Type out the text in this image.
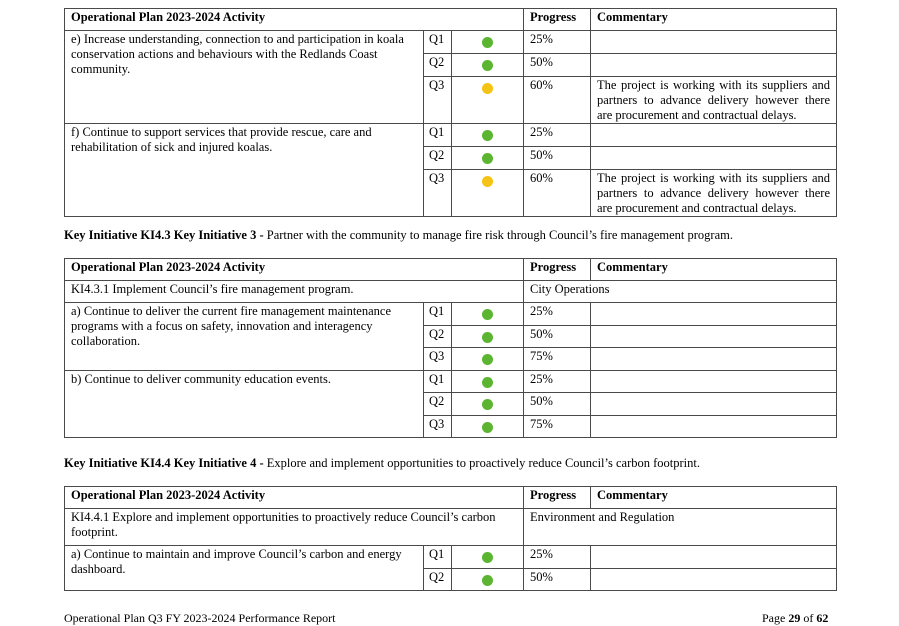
Operational Plan 2023-2024 Activity			Progress	Commentary
e) Increase understanding, connection to and participation in koala conservation actions and behaviours with the Redlands Coast community.	Q1		25%	
	Q2		50%	
	Q3		60%	The project is working with its suppliers and partners to advance delivery however there are procurement and contractual delays.
f) Continue to support services that provide rescue, care and rehabilitation of sick and injured koalas.	Q1		25%	
	Q2		50%	
	Q3		60%	The project is working with its suppliers and partners to advance delivery however there are procurement and contractual delays.
Key Initiative KI4.3 Key Initiative 3 - Partner with the community to manage fire risk through Council’s fire management program.
Operational Plan 2023-2024 Activity			Progress	Commentary
KI4.3.1 Implement Council’s fire management program.			City Operations	
a) Continue to deliver the current fire management maintenance programs with a focus on safety, innovation and interagency collaboration.	Q1		25%	
	Q2		50%	
	Q3		75%	
b) Continue to deliver community education events.	Q1		25%	
	Q2		50%	
	Q3		75%	
Key Initiative KI4.4 Key Initiative 4 - Explore and implement opportunities to proactively reduce Council’s carbon footprint.
Operational Plan 2023-2024 Activity			Progress	Commentary
KI4.4.1 Explore and implement opportunities to proactively reduce Council’s carbon footprint.			Environment and Regulation	
a) Continue to maintain and improve Council’s carbon and energy dashboard.	Q1		25%	
	Q2		50%	
Operational Plan Q3 FY 2023-2024 Performance Report	Page 29 of 62
